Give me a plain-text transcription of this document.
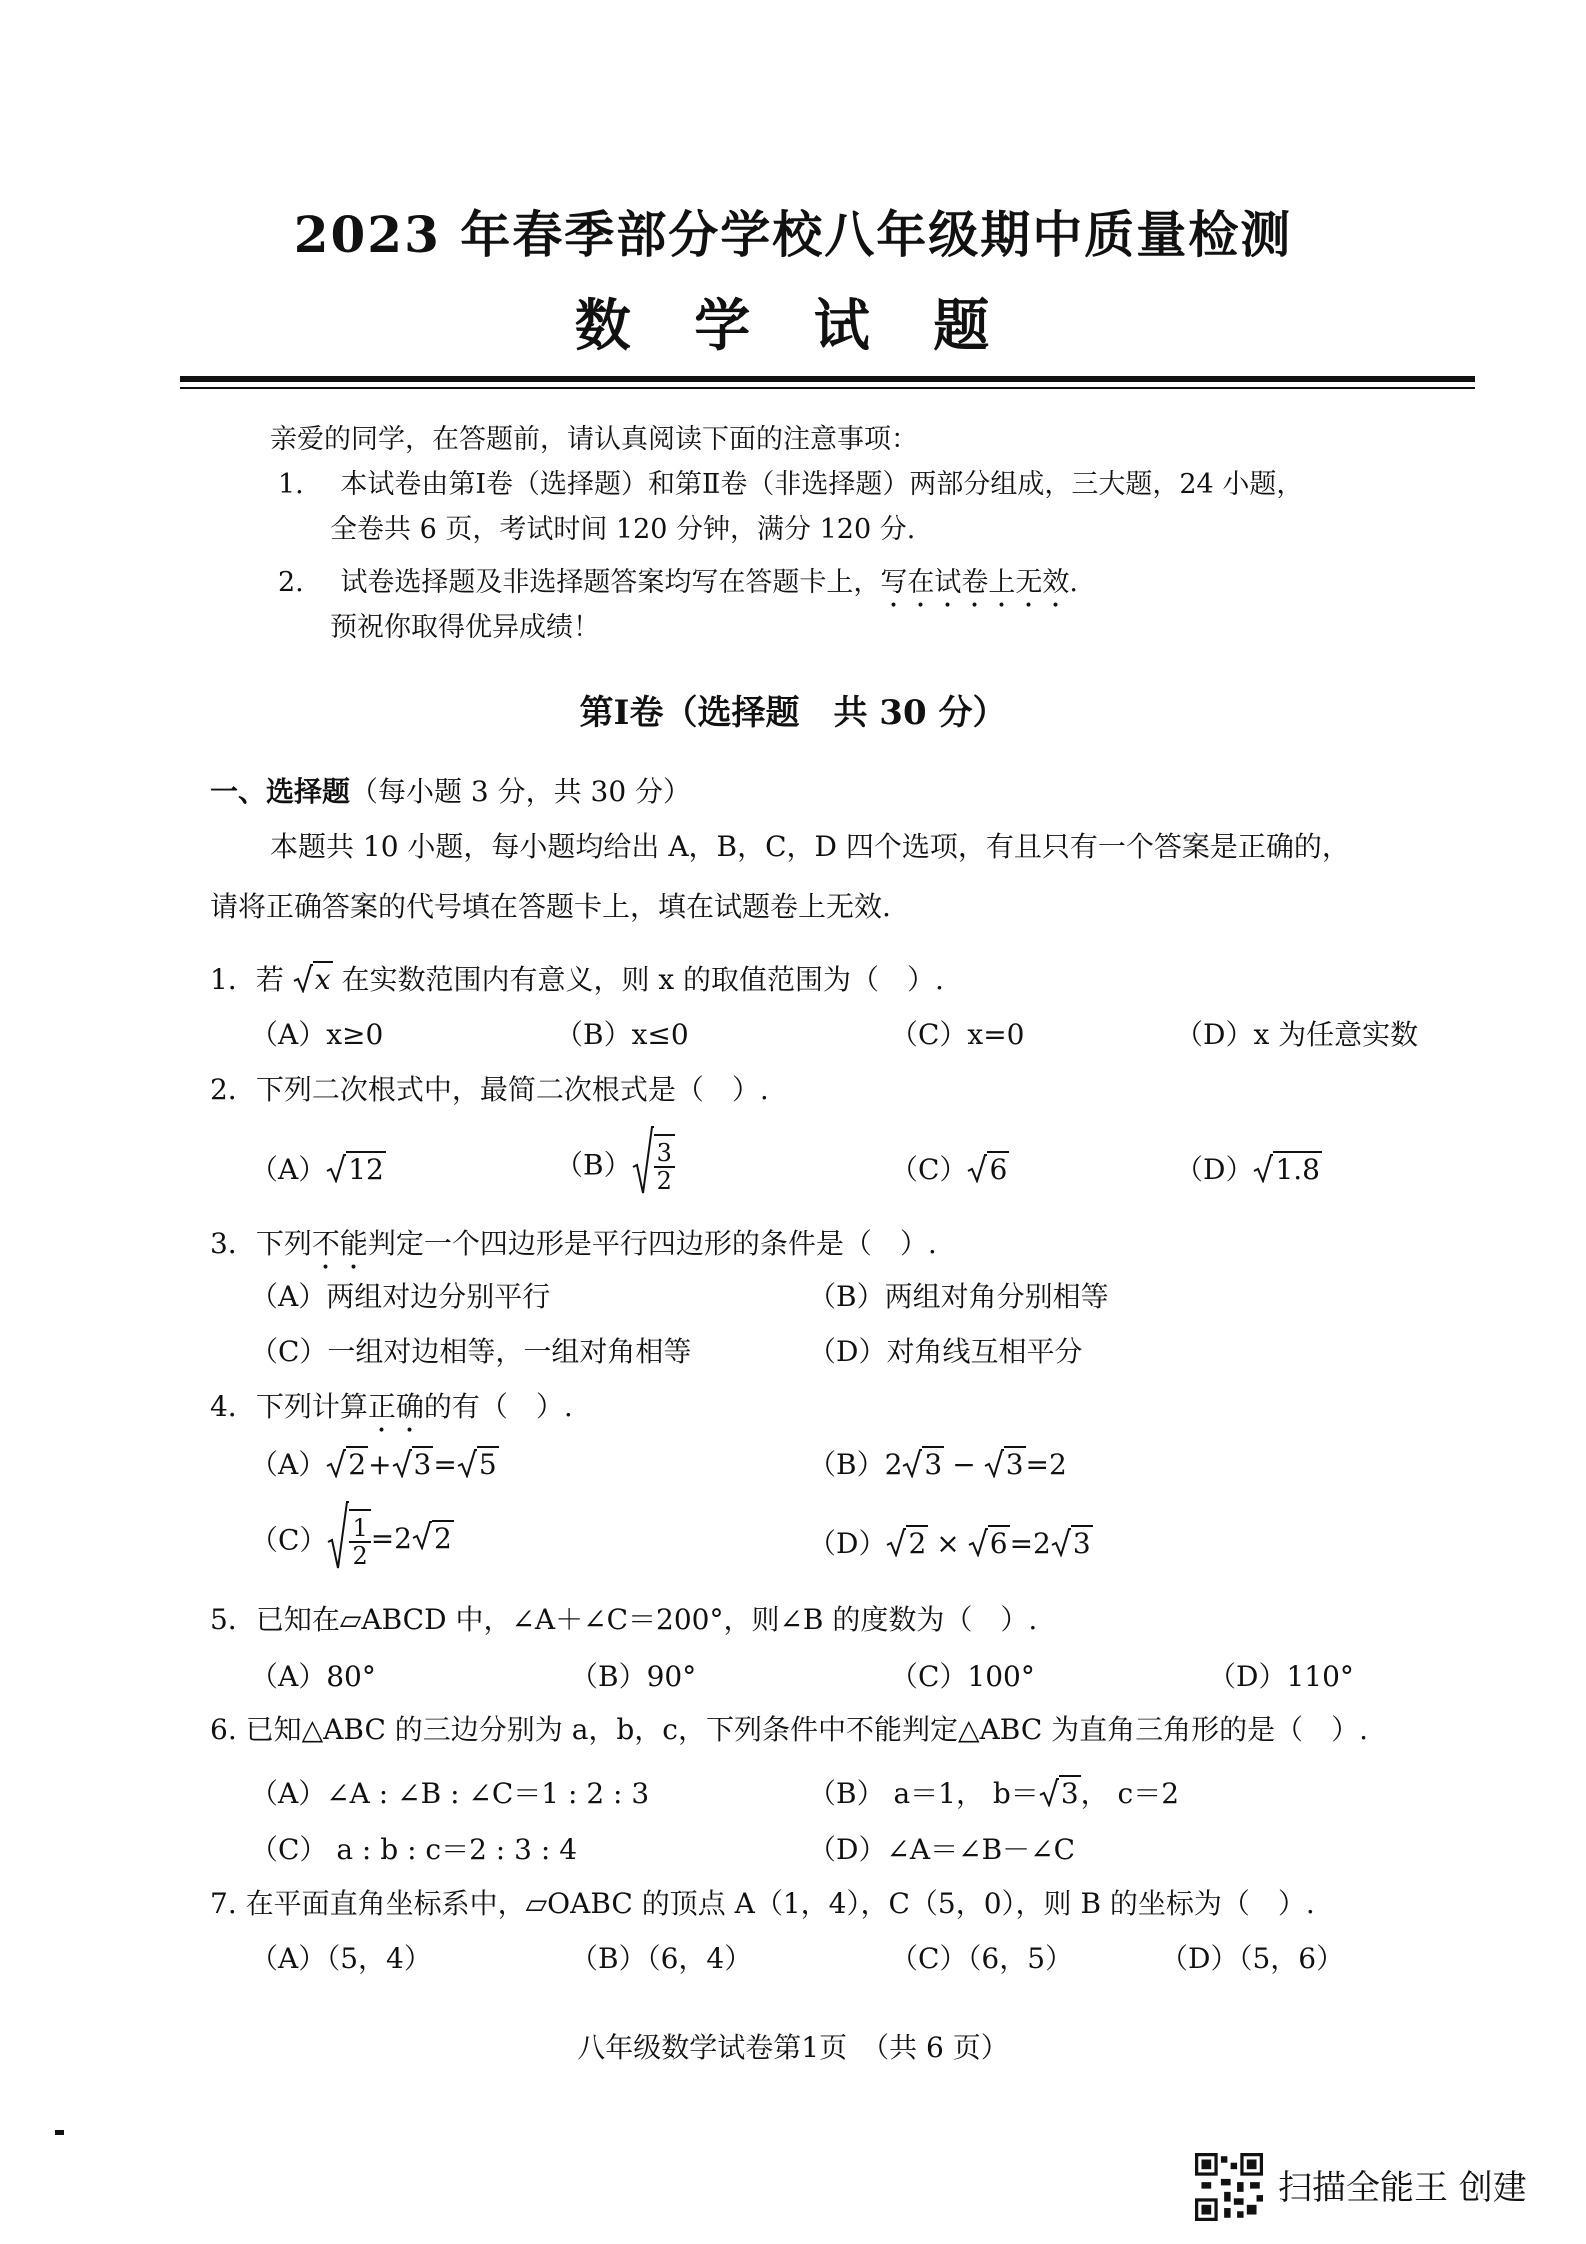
2023 年春季部分学校八年级期中质量检测
数 学 试 题
亲爱的同学，在答题前，请认真阅读下面的注意事项：
1. 本试卷由第Ⅰ卷（选择题）和第Ⅱ卷（非选择题）两部分组成，三大题，24 小题，
全卷共 6 页，考试时间 120 分钟，满分 120 分.
2. 试卷选择题及非选择题答案均写在答题卡上，写在试卷上无效.
预祝你取得优异成绩！
第Ⅰ卷（选择题　共 30 分）
一、选择题（每小题 3 分，共 30 分）
本题共 10 小题，每小题均给出 A，B，C，D 四个选项，有且只有一个答案是正确的，
请将正确答案的代号填在答题卡上，填在试题卷上无效.
1．若 x 在实数范围内有意义，则 x 的取值范围为（　）.
（A）x≥0	（B）x≤0	（C）x=0	（D）x 为任意实数
2．下列二次根式中，最简二次根式是（　）.
（A） 12	$(B) \frac{3}{2}$	（C） 6	（D） 1.8
3．下列不能判定一个四边形是平行四边形的条件是（　）.
（A）两组对边分别平行	（B）两组对角分别相等
（C）一组对边相等，一组对角相等	（D）对角线互相平分
4．下列计算正确的有（　）.
（A） 2+ 3= 5	（B）2 3 − 3=2
$(C) \frac{1}{2} =2$ 2	（D） 2 × 6=2 3
5．已知在▱ABCD 中，∠A＋∠C＝200°，则∠B 的度数为（　）.
（A）80°	（B）90°	（C）100°	（D）110°
6. 已知△ABC 的三边分别为 a，b，c，下列条件中不能判定△ABC 为直角三角形的是（　）.
（A）∠A : ∠B : ∠C＝1 : 2 : 3	（B） a＝1， b＝ 3， c＝2
（C） a : b : c＝2 : 3 : 4	（D）∠A＝∠B－∠C
7. 在平面直角坐标系中，▱OABC 的顶点 A（1，4），C（5，0），则 B 的坐标为（　）.
（A）（5，4）	（B）（6，4）	（C）（6，5）	（D）（5，6）
八年级数学试卷第1页　（共 6 页）
扫描全能王 创建
